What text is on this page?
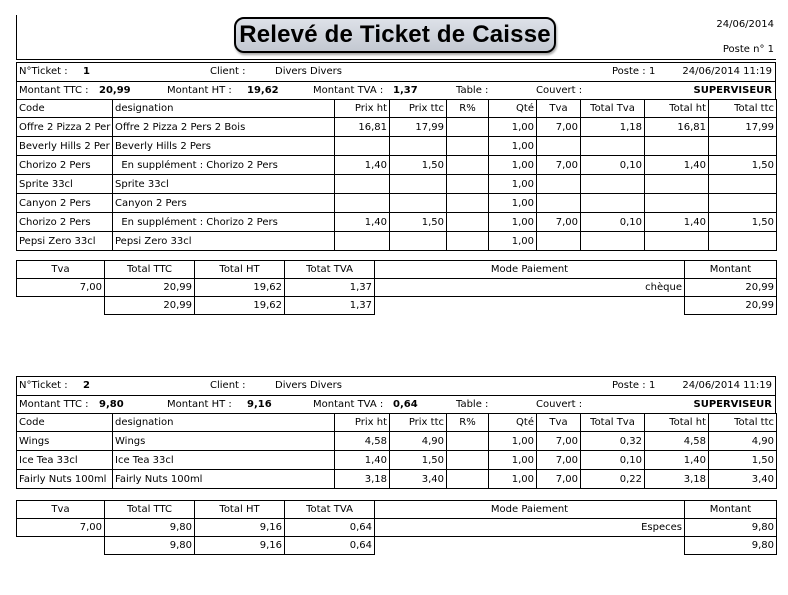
Relevé de Ticket de Caisse	24/06/2014
Poste n° 1
N°Ticket : 1	Client :	Divers Divers	Poste : 1	24/06/2014 11:19
Montant TTC : 20,99	Montant HT : 19,62	Montant TVA : 1,37	Table :	Couvert :	SUPERVISEUR
Code	designation	Prix ht	Prix ttc	R%	Qté	Tva	Total Tva	Total ht	Total ttc
Offre 2 Pizza 2 Per	Offre 2 Pizza 2 Pers 2 Bois	16,81	17,99		1,00	7,00	1,18	16,81	17,99
Beverly Hills 2 Per	Beverly Hills 2 Pers				1,00				
Chorizo 2 Pers	En supplément : Chorizo 2 Pers	1,40	1,50		1,00	7,00	0,10	1,40	1,50
Sprite 33cl	Sprite 33cl				1,00				
Canyon 2 Pers	Canyon 2 Pers				1,00				
Chorizo 2 Pers	En supplément : Chorizo 2 Pers	1,40	1,50		1,00	7,00	0,10	1,40	1,50
Pepsi Zero 33cl	Pepsi Zero 33cl				1,00				
Tva	Total TTC	Total HT	Totat TVA	Mode Paiement	Montant
7,00	20,99	19,62	1,37	chèque	20,99
	20,99	19,62	1,37		20,99
N°Ticket : 2	Client :	Divers Divers	Poste : 1	24/06/2014 11:19
Montant TTC : 9,80	Montant HT : 9,16	Montant TVA : 0,64	Table :	Couvert :	SUPERVISEUR
Code	designation	Prix ht	Prix ttc	R%	Qté	Tva	Total Tva	Total ht	Total ttc
Wings	Wings	4,58	4,90		1,00	7,00	0,32	4,58	4,90
Ice Tea 33cl	Ice Tea 33cl	1,40	1,50		1,00	7,00	0,10	1,40	1,50
Fairly Nuts 100ml	Fairly Nuts 100ml	3,18	3,40		1,00	7,00	0,22	3,18	3,40
Tva	Total TTC	Total HT	Totat TVA	Mode Paiement	Montant
7,00	9,80	9,16	0,64	Especes	9,80
	9,80	9,16	0,64		9,80
